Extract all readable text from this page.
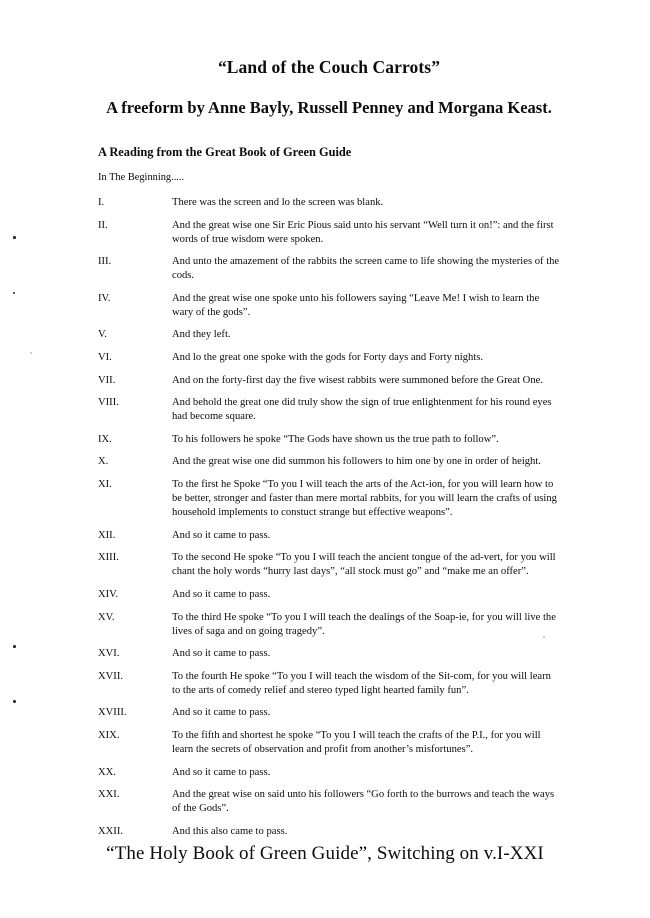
“Land of the Couch Carrots”
A freeform by Anne Bayly, Russell Penney and Morgana Keast.
A Reading from the Great Book of Green Guide

In The Beginning.....

I.	There was the screen and lo the screen was blank.
II.	And the great wise one Sir Eric Pious said unto his servant “Well turn it on!”: and the first words of true wisdom were spoken.
III.	And unto the amazement of the rabbits the screen came to life showing the mysteries of the cods.
IV.	And the great wise one spoke unto his followers saying “Leave Me! I wish to learn the wary of the gods”.
V.	And they left.
VI.	And lo the great one spoke with the gods for Forty days and Forty nights.
VII.	And on the forty-first day the five wisest rabbits were summoned before the Great One.
VIII.	And behold the great one did truly show the sign of true enlightenment for his round eyes had become square.
IX.	To his followers he spoke “The Gods have shown us the true path to follow”.
X.	And the great wise one did summon his followers to him one by one in order of height.
XI.	To the first he Spoke “To you I will teach the arts of the Act-ion, for you will learn how to be better, stronger and faster than mere mortal rabbits, for you will learn the crafts of using household implements to constuct strange but effective weapons”.
XII.	And so it came to pass.
XIII.	To the second He spoke “To you I will teach the ancient tongue of the ad-vert, for you will chant the holy words “hurry last days”, “all stock must go” and “make me an offer”.
XIV.	And so it came to pass.
XV.	To the third He spoke “To you I will teach the dealings of the Soap-ie, for you will live the lives of saga and on going tragedy”.
XVI.	And so it came to pass.
XVII.	To the fourth He spoke “To you I will teach the wisdom of the Sit-com, for you will learn to the arts of comedy relief and stereo typed light hearted family fun”.
XVIII.	And so it came to pass.
XIX.	To the fifth and shortest he spoke “To you I will teach the crafts of the P.I., for you will learn the secrets of observation and profit from another’s misfortunes”.
XX.	And so it came to pass.
XXI.	And the great wise on said unto his followers “Go forth to the burrows and teach the ways of the Gods”.
XXII.	And this also came to pass.

“The Holy Book of Green Guide”, Switching on v.I-XXI
